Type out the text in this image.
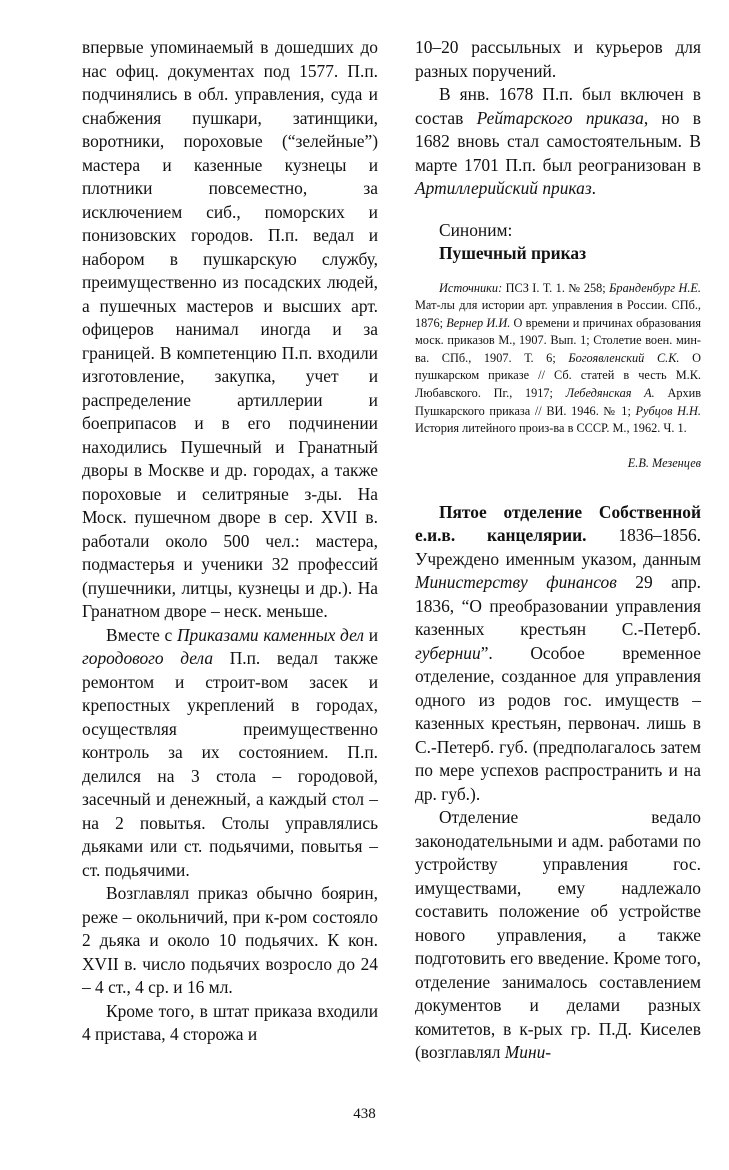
впервые упоминаемый в дошедших до нас офиц. документах под 1577. П.п. подчинялись в обл. управления, суда и снабжения пушкари, затинщики, воротники, пороховые (“зелейные”) мастера и казенные кузнецы и плотники повсеместно, за исключением сиб., поморских и понизовских городов. П.п. ведал и набором в пушкарскую службу, преимущественно из посадских людей, а пушечных мастеров и высших арт. офицеров нанимал иногда и за границей. В компетенцию П.п. входили изготовление, закупка, учет и распределение артиллерии и боеприпасов и в его подчинении находились Пушечный и Гранатный дворы в Москве и др. городах, а также пороховые и селитряные з-ды. На Моск. пушечном дворе в сер. XVII в. работали около 500 чел.: мастера, подмастерья и ученики 32 профессий (пушечники, литцы, кузнецы и др.). На Гранатном дворе – неск. меньше.

Вместе с Приказами каменных дел и городового дела П.п. ведал также ремонтом и строит-вом засек и крепостных укреплений в городах, осуществляя преимущественно контроль за их состоянием. П.п. делился на 3 стола – городовой, засечный и денежный, а каждый стол – на 2 повытья. Столы управлялись дьяками или ст. подьячими, повытья – ст. подьячими.

Возглавлял приказ обычно боярин, реже – окольничий, при к-ром состояло 2 дьяка и около 10 подьячих. К кон. XVII в. число подьячих возросло до 24 – 4 ст., 4 ср. и 16 мл.

Кроме того, в штат приказа входили 4 пристава, 4 сторожа и

10–20 рассыльных и курьеров для разных поручений.

В янв. 1678 П.п. был включен в состав Рейтарского приказа, но в 1682 вновь стал самостоятельным. В марте 1701 П.п. был реогранизован в Артиллерийский приказ.

Синоним:

Пушечный приказ

Источники: ПСЗ I. Т. 1. № 258; Бранденбург Н.Е. Мат-лы для истории арт. управления в России. СПб., 1876; Вернер И.И. О времени и причинах образования моск. приказов М., 1907. Вып. 1; Столетие воен. мин-ва. СПб., 1907. Т. 6; Богоявленский С.К. О пушкарском приказе // Сб. статей в честь М.К. Любавского. Пг., 1917; Лебедянская А. Архив Пушкарского приказа // ВИ. 1946. № 1; Рубцов Н.Н. История литейного произ-ва в СССР. М., 1962. Ч. 1.

Е.В. Мезенцев

Пятое отделение Собственной е.и.в. канцелярии. 1836–1856. Учреждено именным указом, данным Министерству финансов 29 апр. 1836, “О преобразовании управления казенных крестьян С.-Петерб. губернии”. Особое временное отделение, созданное для управления одного из родов гос. имуществ – казенных крестьян, первонач. лишь в С.-Петерб. губ. (предполагалось затем по мере успехов распространить и на др. губ.).

Отделение ведало законодательными и адм. работами по устройству управления гос. имуществами, ему надлежало составить положение об устройстве нового управления, а также подготовить его введение. Кроме того, отделение занималось составлением документов и делами разных комитетов, в к-рых гр. П.Д. Киселев (возглавлял Мини-

438
